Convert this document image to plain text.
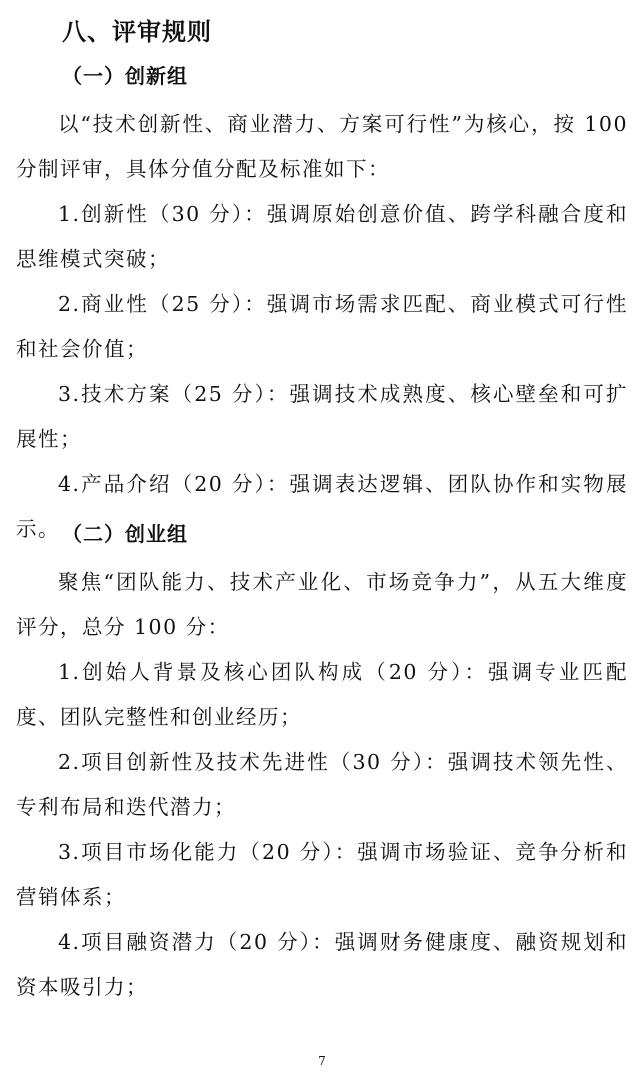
八、评审规则
（一）创新组

以“技术创新性、商业潜力、方案可行性”为核心，按 100 分制评审，具体分值分配及标准如下：

1.创新性（30 分）：强调原始创意价值、跨学科融合度和思维模式突破；

2.商业性（25 分）：强调市场需求匹配、商业模式可行性和社会价值；

3.技术方案（25 分）：强调技术成熟度、核心壁垒和可扩展性；

4.产品介绍（20 分）：强调表达逻辑、团队协作和实物展示。 （二）创业组

聚焦“团队能力、技术产业化、市场竞争力”，从五大维度评分，总分 100 分：

1.创始人背景及核心团队构成（20 分）：强调专业匹配度、团队完整性和创业经历；

2.项目创新性及技术先进性（30 分）：强调技术领先性、专利布局和迭代潜力；

3.项目市场化能力（20 分）：强调市场验证、竞争分析和营销体系；

4.项目融资潜力（20 分）：强调财务健康度、融资规划和资本吸引力；

7
